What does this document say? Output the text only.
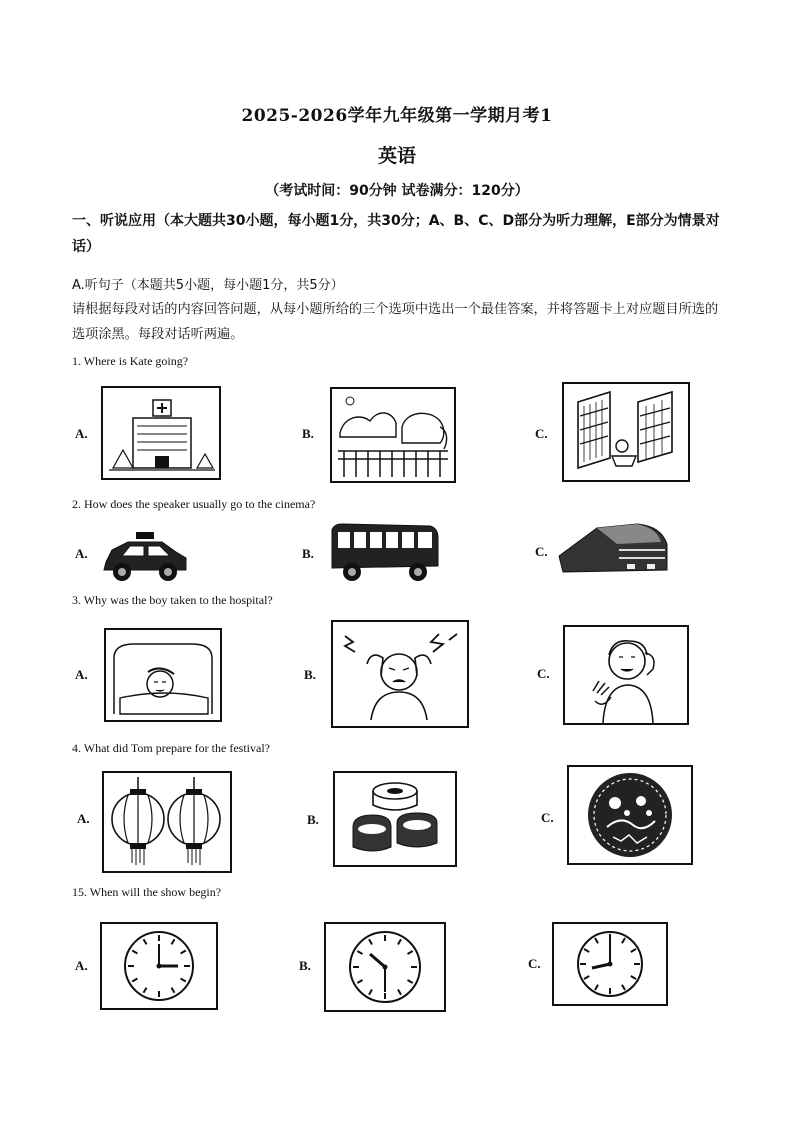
2025-2026学年九年级第一学期月考1
英语
（考试时间：90分钟 试卷满分：120分）
一、听说应用（本大题共30小题，每小题1分，共30分；A、B、C、D部分为听力理解，E部分为情景对话）
A.听句子（本题共5小题，每小题1分，共5分）
请根据每段对话的内容回答问题，从每小题所给的三个选项中选出一个最佳答案，并将答题卡上对应题目所选的选项涂黑。每段对话听两遍。
1. Where is Kate going?
A.	B.	C.
2. How does the speaker usually go to the cinema?
A.	B.	C.
3. Why was the boy taken to the hospital?
A.	B.	C.
4. What did Tom prepare for the festival?
A.	B.	C.
15. When will the show begin?
A.	B.	C.
